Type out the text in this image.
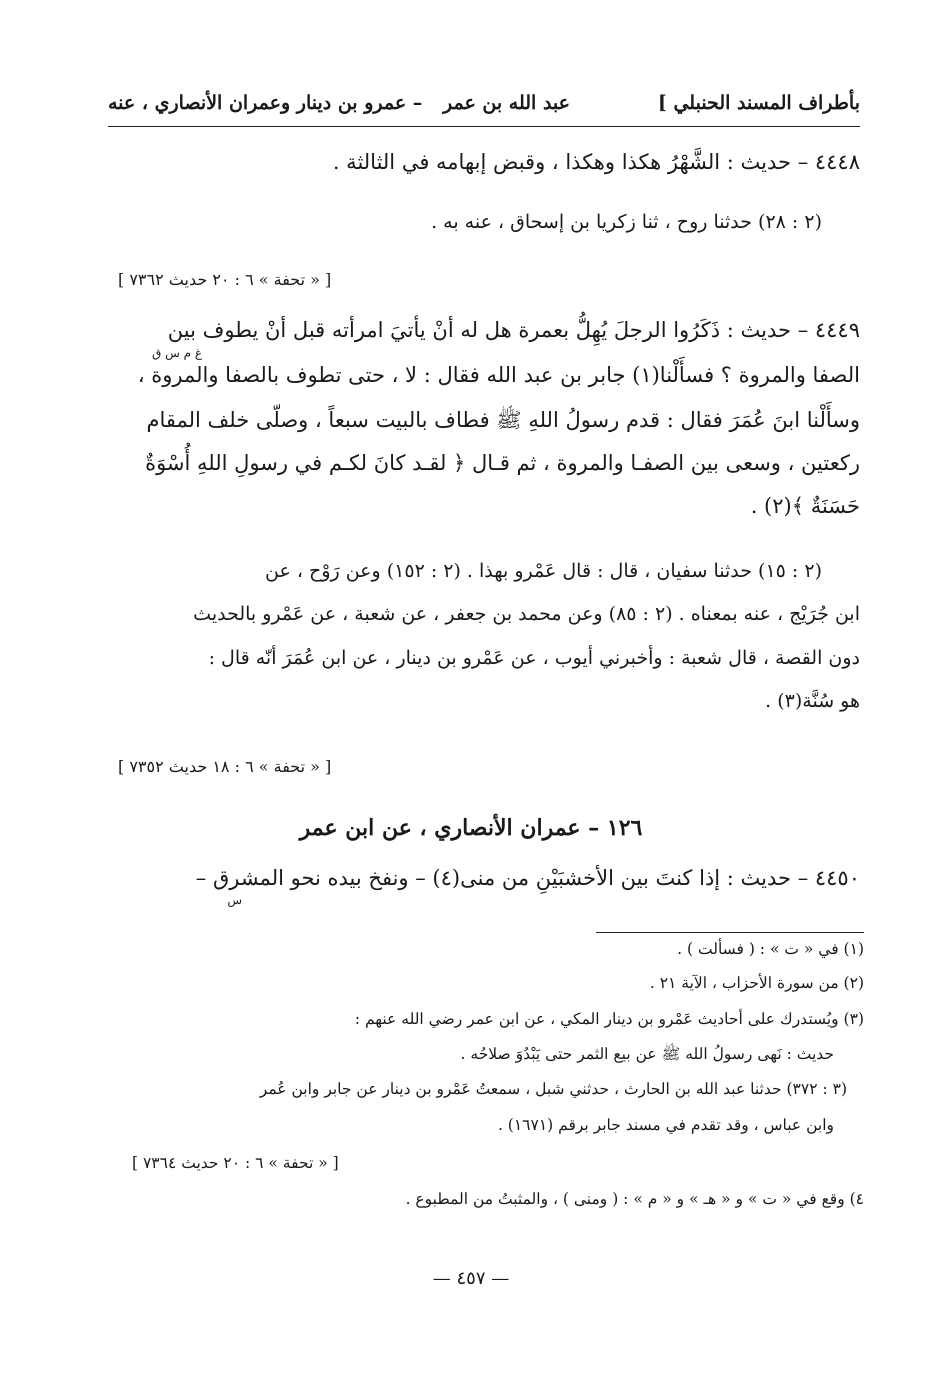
بأطراف المسند الحنبلي ]
عبد الله بن عمر
– عمرو بن دينار وعمران الأنصاري ، عنه
٤٤٤٨ – حديث : الشَّهْرُ هكذا وهكذا ، وقبض إبهامه في الثالثة .
(٢ : ٢٨) حدثنا روح ، ثنا زكريا بن إسحاق ، عنه به .
[ « تحفة » ٦ : ٢٠ حديث ٧٣٦٢ ]
٤٤٤٩ – حديث : ذَكَرُوا الرجلَ يُهِلُّ بعمرة هل له أنْ يأتيَ امرأته قبل أنْ يطوف بين
غ م س ق
الصفا والمروة ؟ فسأَلْنا(١) جابر بن عبد الله فقال : لا ، حتى تطوف بالصفا والمروة ،
وسأَلْنا ابنَ عُمَرَ فقال : قدم رسولُ اللهِ ﷺ فطاف بالبيت سبعاً ، وصلّى خلف المقام
ركعتين ، وسعى بين الصفـا والمروة ، ثم قـال ﴿ لقـد كانَ لكـم في رسولِ اللهِ أُسْوَةٌ
حَسَنَةٌ ﴾(٢) .
(٢ : ١٥) حدثنا سفيان ، قال : قال عَمْرو بهذا . (٢ : ١٥٢) وعن رَوْح ، عن
ابن جُرَيْج ، عنه بمعناه . (٢ : ٨٥) وعن محمد بن جعفر ، عن شعبة ، عن عَمْرو بالحديث
دون القصة ، قال شعبة : وأخبرني أيوب ، عن عَمْرو بن دينار ، عن ابن عُمَرَ أنّه قال :
هو سُنَّة(٣) .
[ « تحفة » ٦ : ١٨ حديث ٧٣٥٢ ]
١٢٦ – عمران الأنصاري ، عن ابن عمر
٤٤٥٠ – حديث : إذا كنتَ بين الأخشبَيْنِ من منى(٤) – ونفخ بيده نحو المشرق –
س
(١) في « ت » : ( فسألت ) .
(٢) من سورة الأحزاب ، الآية ٢١ .
(٣) ويُستدرك على أحاديث عَمْرو بن دينار المكي ، عن ابن عمر رضي الله عنهم :
حديث : نَهى رسولُ الله ﷺ عن بيع الثمر حتى يَبْدُوَ صلاحُه .
(٣ : ٣٧٢) حدثنا عبد الله بن الحارث ، حدثني شبل ، سمعتُ عَمْرو بن دينار عن جابر وابن عُمر
وابن عباس ، وقد تقدم في مسند جابر برقم (١٦٧١) .
[ « تحفة » ٦ : ٢٠ حديث ٧٣٦٤ ]
٤) وقع في « ت » و « هـ » و « م » : ( ومنى ) ، والمثبتُ من المطبوع .
— ٤٥٧ —
